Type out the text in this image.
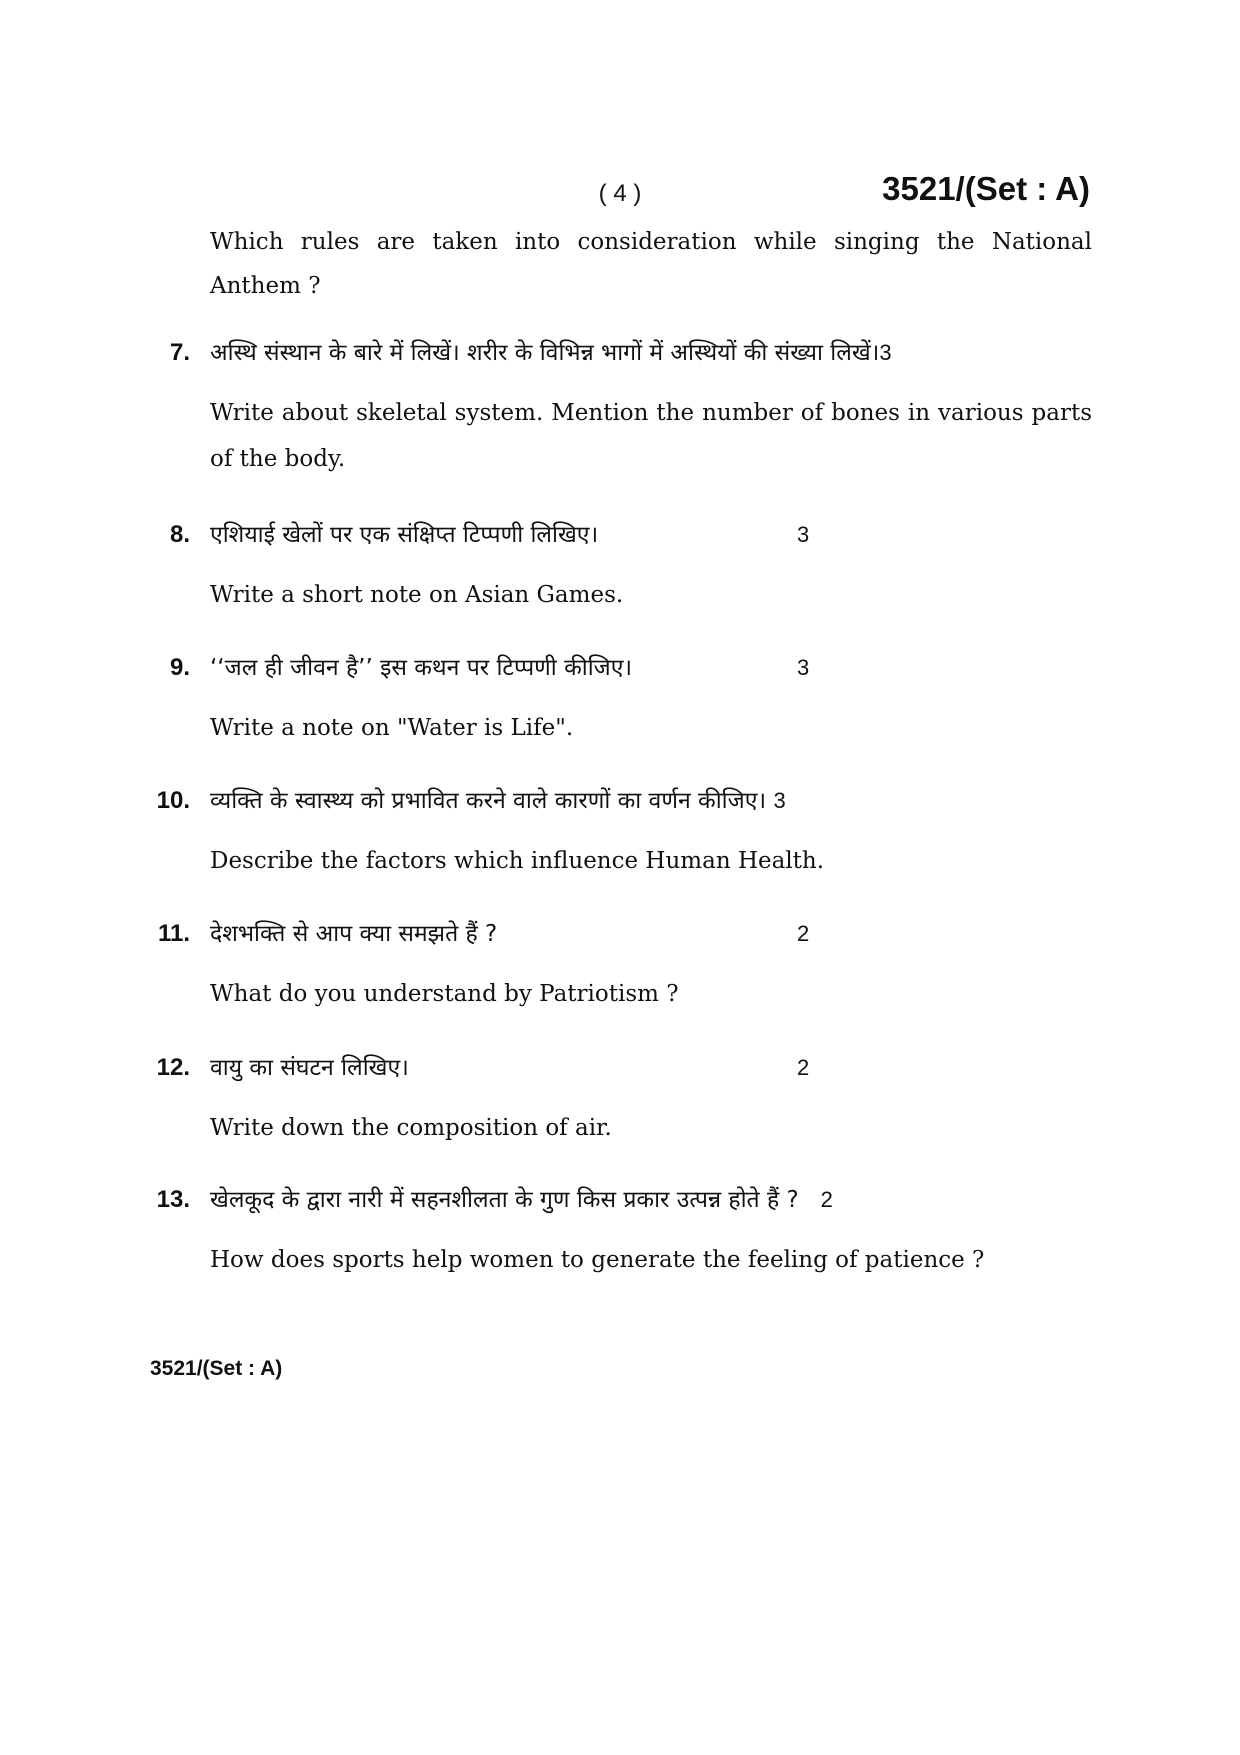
( 4 )	3521/(Set : A)
Which rules are taken into consideration while singing the National Anthem ?
7. अस्थि संस्थान के बारे में लिखें। शरीर के विभिन्न भागों में अस्थियों की संख्या लिखें।3
Write about skeletal system. Mention the number of bones in various parts of the body.
8. एशियाई खेलों पर एक संक्षिप्त टिप्पणी लिखिए।	3
Write a short note on Asian Games.
9. ‘‘जल ही जीवन है’’ इस कथन पर टिप्पणी कीजिए।	3
Write a note on "Water is Life".
10. व्यक्ति के स्वास्थ्य को प्रभावित करने वाले कारणों का वर्णन कीजिए। 3
Describe the factors which influence Human Health.
11. देशभक्ति से आप क्या समझते हैं ?	2
What do you understand by Patriotism ?
12. वायु का संघटन लिखिए।	2
Write down the composition of air.
13. खेलकूद के द्वारा नारी में सहनशीलता के गुण किस प्रकार उत्पन्न होते हैं ? 2
How does sports help women to generate the feeling of patience ?
3521/(Set : A)
